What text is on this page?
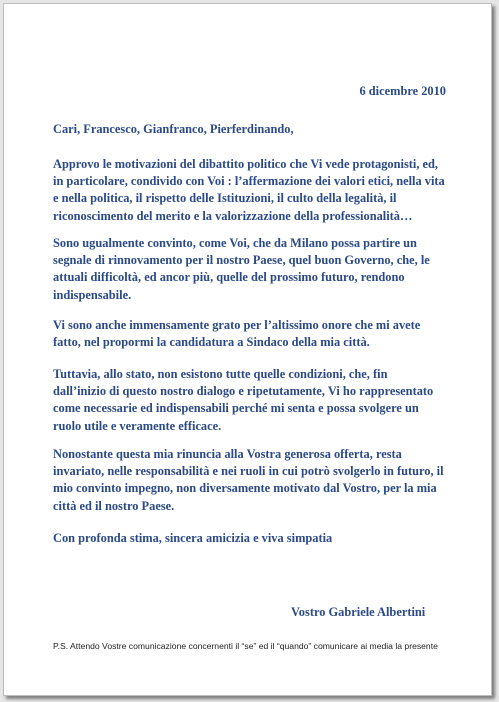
6 dicembre 2010
Cari, Francesco, Gianfranco, Pierferdinando,

Approvo le motivazioni del dibattito politico che Vi vede protagonisti, ed,
in particolare, condivido con Voi : l’affermazione dei valori etici, nella vita
e nella politica, il rispetto delle Istituzioni, il culto della legalità, il
riconoscimento del merito e la valorizzazione della professionalità…

Sono ugualmente convinto, come Voi, che da Milano possa partire un
segnale di rinnovamento per il nostro Paese, quel buon Governo, che, le
attuali difficoltà, ed ancor più, quelle del prossimo futuro, rendono
indispensabile.

Vi sono anche immensamente grato per l’altissimo onore che mi avete
fatto, nel propormi la candidatura a Sindaco della mia città.

Tuttavia, allo stato, non esistono tutte quelle condizioni, che, fin
dall’inizio di questo nostro dialogo e ripetutamente, Vi ho rappresentato
come necessarie ed indispensabili perché mi senta e possa svolgere un
ruolo utile e veramente efficace.

Nonostante questa mia rinuncia alla Vostra generosa offerta, resta
invariato, nelle responsabilità e nei ruoli in cui potrò svolgerlo in futuro, il
mio convinto impegno, non diversamente motivato dal Vostro, per la mia
città ed il nostro Paese.

Con profonda stima, sincera amicizia e viva simpatia

Vostro Gabriele Albertini
P.S. Attendo Vostre comunicazione concernenti il “se” ed il “quando” comunicare ai media la presente
